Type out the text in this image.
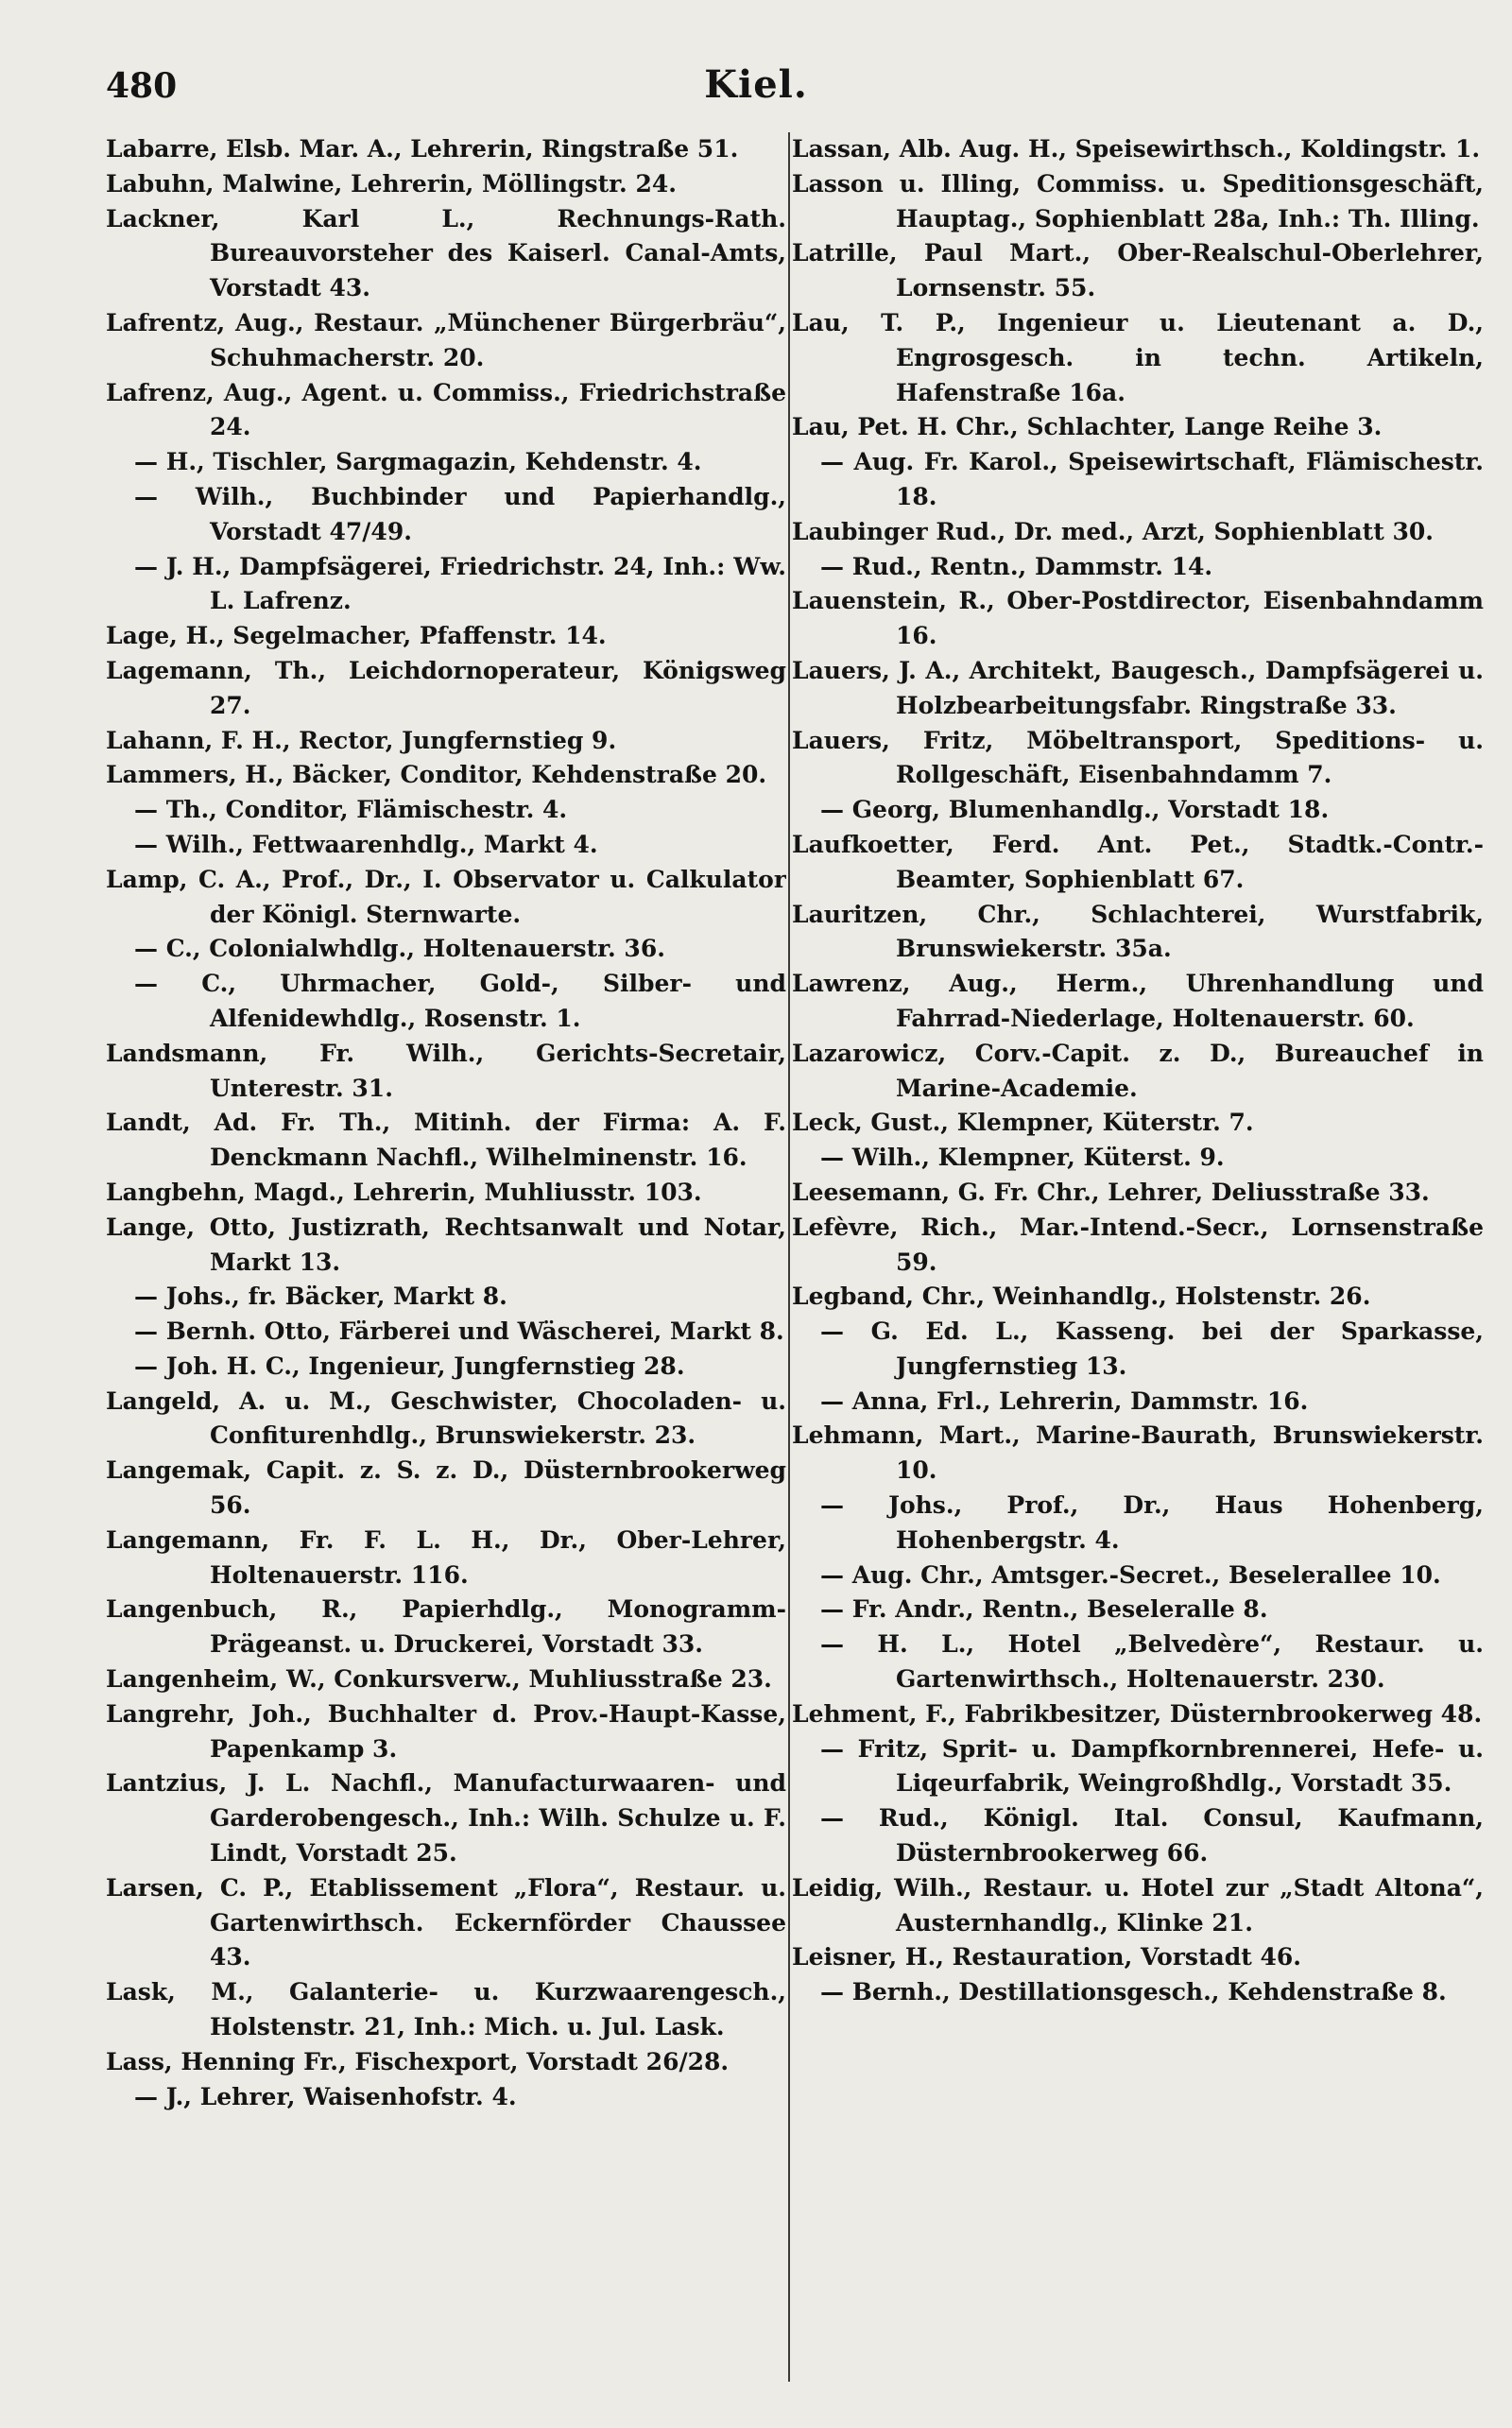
480	Kiel.
Labarre, Elsb. Mar. A., Lehrerin, Ringstraße 51.
Labuhn, Malwine, Lehrerin, Möllingstr. 24.
Lackner, Karl L., Rechnungs-Rath. Bureauvorsteher des Kaiserl. Canal-Amts, Vorstadt 43.
Lafrentz, Aug., Restaur. „Münchener Bürgerbräu“, Schuhmacherstr. 20.
Lafrenz, Aug., Agent. u. Commiss., Friedrichstraße 24.
— H., Tischler, Sargmagazin, Kehdenstr. 4.
— Wilh., Buchbinder und Papierhandlg., Vorstadt 47/49.
— J. H., Dampfsägerei, Friedrichstr. 24, Inh.: Ww. L. Lafrenz.
Lage, H., Segelmacher, Pfaffenstr. 14.
Lagemann, Th., Leichdornoperateur, Königsweg 27.
Lahann, F. H., Rector, Jungfernstieg 9.
Lammers, H., Bäcker, Conditor, Kehdenstraße 20.
— Th., Conditor, Flämischestr. 4.
— Wilh., Fettwaarenhdlg., Markt 4.
Lamp, C. A., Prof., Dr., I. Observator u. Calkulator der Königl. Sternwarte.
— C., Colonialwhdlg., Holtenauerstr. 36.
— C., Uhrmacher, Gold-, Silber- und Alfenidewhdlg., Rosenstr. 1.
Landsmann, Fr. Wilh., Gerichts-Secretair, Unterestr. 31.
Landt, Ad. Fr. Th., Mitinh. der Firma: A. F. Denckmann Nachfl., Wilhelminenstr. 16.
Langbehn, Magd., Lehrerin, Muhliusstr. 103.
Lange, Otto, Justizrath, Rechtsanwalt und Notar, Markt 13.
— Johs., fr. Bäcker, Markt 8.
— Bernh. Otto, Färberei und Wäscherei, Markt 8.
— Joh. H. C., Ingenieur, Jungfernstieg 28.
Langeld, A. u. M., Geschwister, Chocoladen- u. Confiturenhdlg., Brunswiekerstr. 23.
Langemak, Capit. z. S. z. D., Düsternbrookerweg 56.
Langemann, Fr. F. L. H., Dr., Ober-Lehrer, Holtenauerstr. 116.
Langenbuch, R., Papierhdlg., Monogramm-Prägeanst. u. Druckerei, Vorstadt 33.
Langenheim, W., Conkursverw., Muhliusstraße 23.
Langrehr, Joh., Buchhalter d. Prov.-Haupt-Kasse, Papenkamp 3.
Lantzius, J. L. Nachfl., Manufacturwaaren- und Garderobengesch., Inh.: Wilh. Schulze u. F. Lindt, Vorstadt 25.
Larsen, C. P., Etablissement „Flora“, Restaur. u. Gartenwirthsch. Eckernförder Chaussee 43.
Lask, M., Galanterie- u. Kurzwaarengesch., Holstenstr. 21, Inh.: Mich. u. Jul. Lask.
Lass, Henning Fr., Fischexport, Vorstadt 26/28.
— J., Lehrer, Waisenhofstr. 4.
Lassan, Alb. Aug. H., Speisewirthsch., Koldingstr. 1.
Lasson u. Illing, Commiss. u. Speditionsgeschäft, Hauptag., Sophienblatt 28a, Inh.: Th. Illing.
Latrille, Paul Mart., Ober-Realschul-Oberlehrer, Lornsenstr. 55.
Lau, T. P., Ingenieur u. Lieutenant a. D., Engrosgesch. in techn. Artikeln, Hafenstraße 16a.
Lau, Pet. H. Chr., Schlachter, Lange Reihe 3.
— Aug. Fr. Karol., Speisewirtschaft, Flämischestr. 18.
Laubinger Rud., Dr. med., Arzt, Sophienblatt 30.
— Rud., Rentn., Dammstr. 14.
Lauenstein, R., Ober-Postdirector, Eisenbahndamm 16.
Lauers, J. A., Architekt, Baugesch., Dampfsägerei u. Holzbearbeitungsfabr. Ringstraße 33.
Lauers, Fritz, Möbeltransport, Speditions- u. Rollgeschäft, Eisenbahndamm 7.
— Georg, Blumenhandlg., Vorstadt 18.
Laufkoetter, Ferd. Ant. Pet., Stadtk.-Contr.-Beamter, Sophienblatt 67.
Lauritzen, Chr., Schlachterei, Wurstfabrik, Brunswiekerstr. 35a.
Lawrenz, Aug., Herm., Uhrenhandlung und Fahrrad-Niederlage, Holtenauerstr. 60.
Lazarowicz, Corv.-Capit. z. D., Bureauchef in Marine-Academie.
Leck, Gust., Klempner, Küterstr. 7.
— Wilh., Klempner, Küterst. 9.
Leesemann, G. Fr. Chr., Lehrer, Deliusstraße 33.
Lefèvre, Rich., Mar.-Intend.-Secr., Lornsenstraße 59.
Legband, Chr., Weinhandlg., Holstenstr. 26.
— G. Ed. L., Kasseng. bei der Sparkasse, Jungfernstieg 13.
— Anna, Frl., Lehrerin, Dammstr. 16.
Lehmann, Mart., Marine-Baurath, Brunswiekerstr. 10.
— Johs., Prof., Dr., Haus Hohenberg, Hohenbergstr. 4.
— Aug. Chr., Amtsger.-Secret., Beselerallee 10.
— Fr. Andr., Rentn., Beseleralle 8.
— H. L., Hotel „Belvedère“, Restaur. u. Gartenwirthsch., Holtenauerstr. 230.
Lehment, F., Fabrikbesitzer, Düsternbrookerweg 48.
— Fritz, Sprit- u. Dampfkornbrennerei, Hefe- u. Liqeurfabrik, Weingroßhdlg., Vorstadt 35.
— Rud., Königl. Ital. Consul, Kaufmann, Düsternbrookerweg 66.
Leidig, Wilh., Restaur. u. Hotel zur „Stadt Altona“, Austernhandlg., Klinke 21.
Leisner, H., Restauration, Vorstadt 46.
— Bernh., Destillationsgesch., Kehdenstraße 8.
